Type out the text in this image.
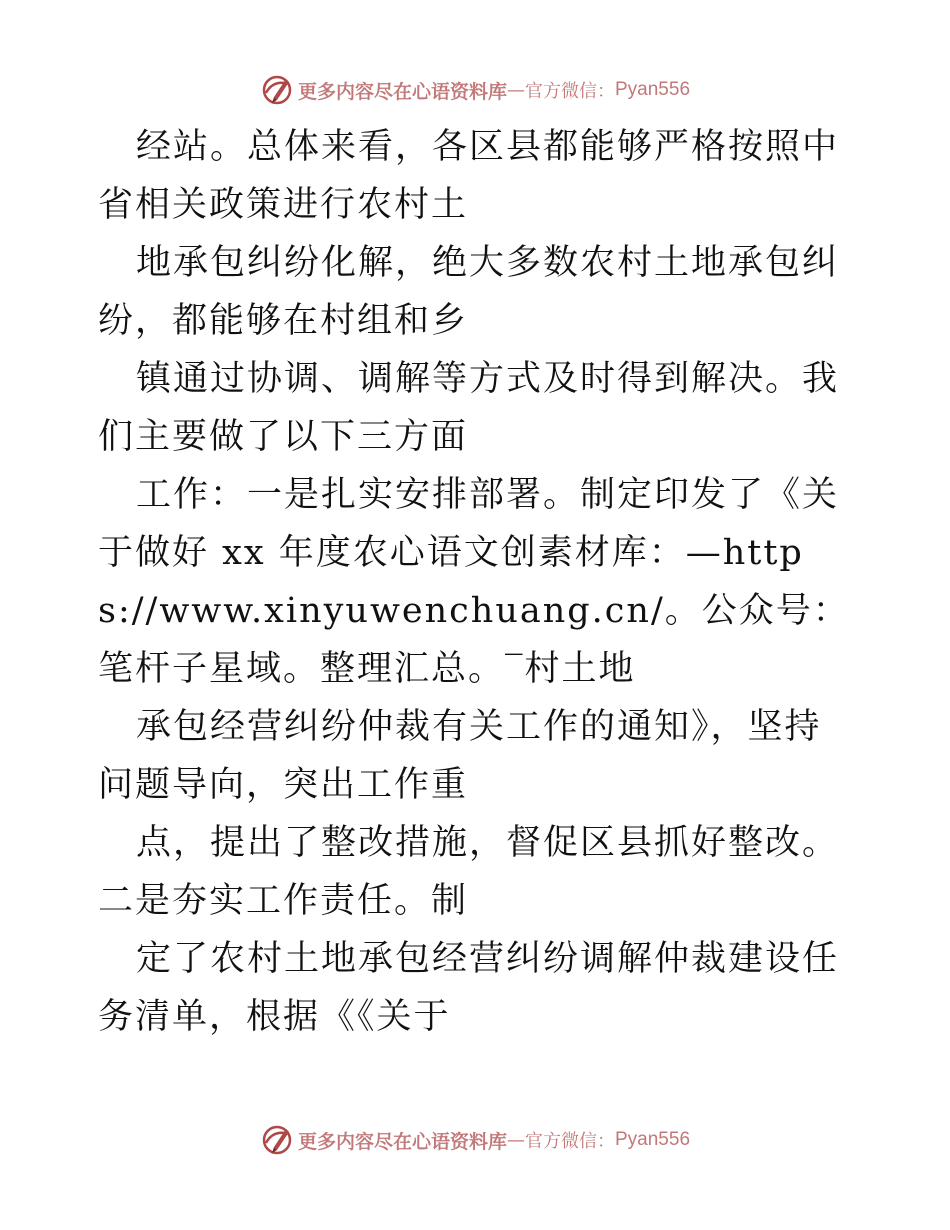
更多内容尽在心语资料库 — 官方微信： Pyan556

经站。总体来看，各区县都能够严格按照中省相关政策进行农村土

地承包纠纷化解，绝大多数农村土地承包纠纷，都能够在村组和乡

镇通过协调、调解等方式及时得到解决。我们主要做了以下三方面

工作：一是扎实安排部署。制定印发了《关于做好 xx 年度农心语文创素材库：—https://www.xinyuwenchuang.cn/。公众号：笔杆子星域。整理汇总。‾村土地

承包经营纠纷仲裁有关工作的通知》，坚持问题导向，突出工作重

点，提出了整改措施，督促区县抓好整改。二是夯实工作责任。制

定了农村土地承包经营纠纷调解仲裁建设任务清单，根据《《关于

更多内容尽在心语资料库 — 官方微信： Pyan556
